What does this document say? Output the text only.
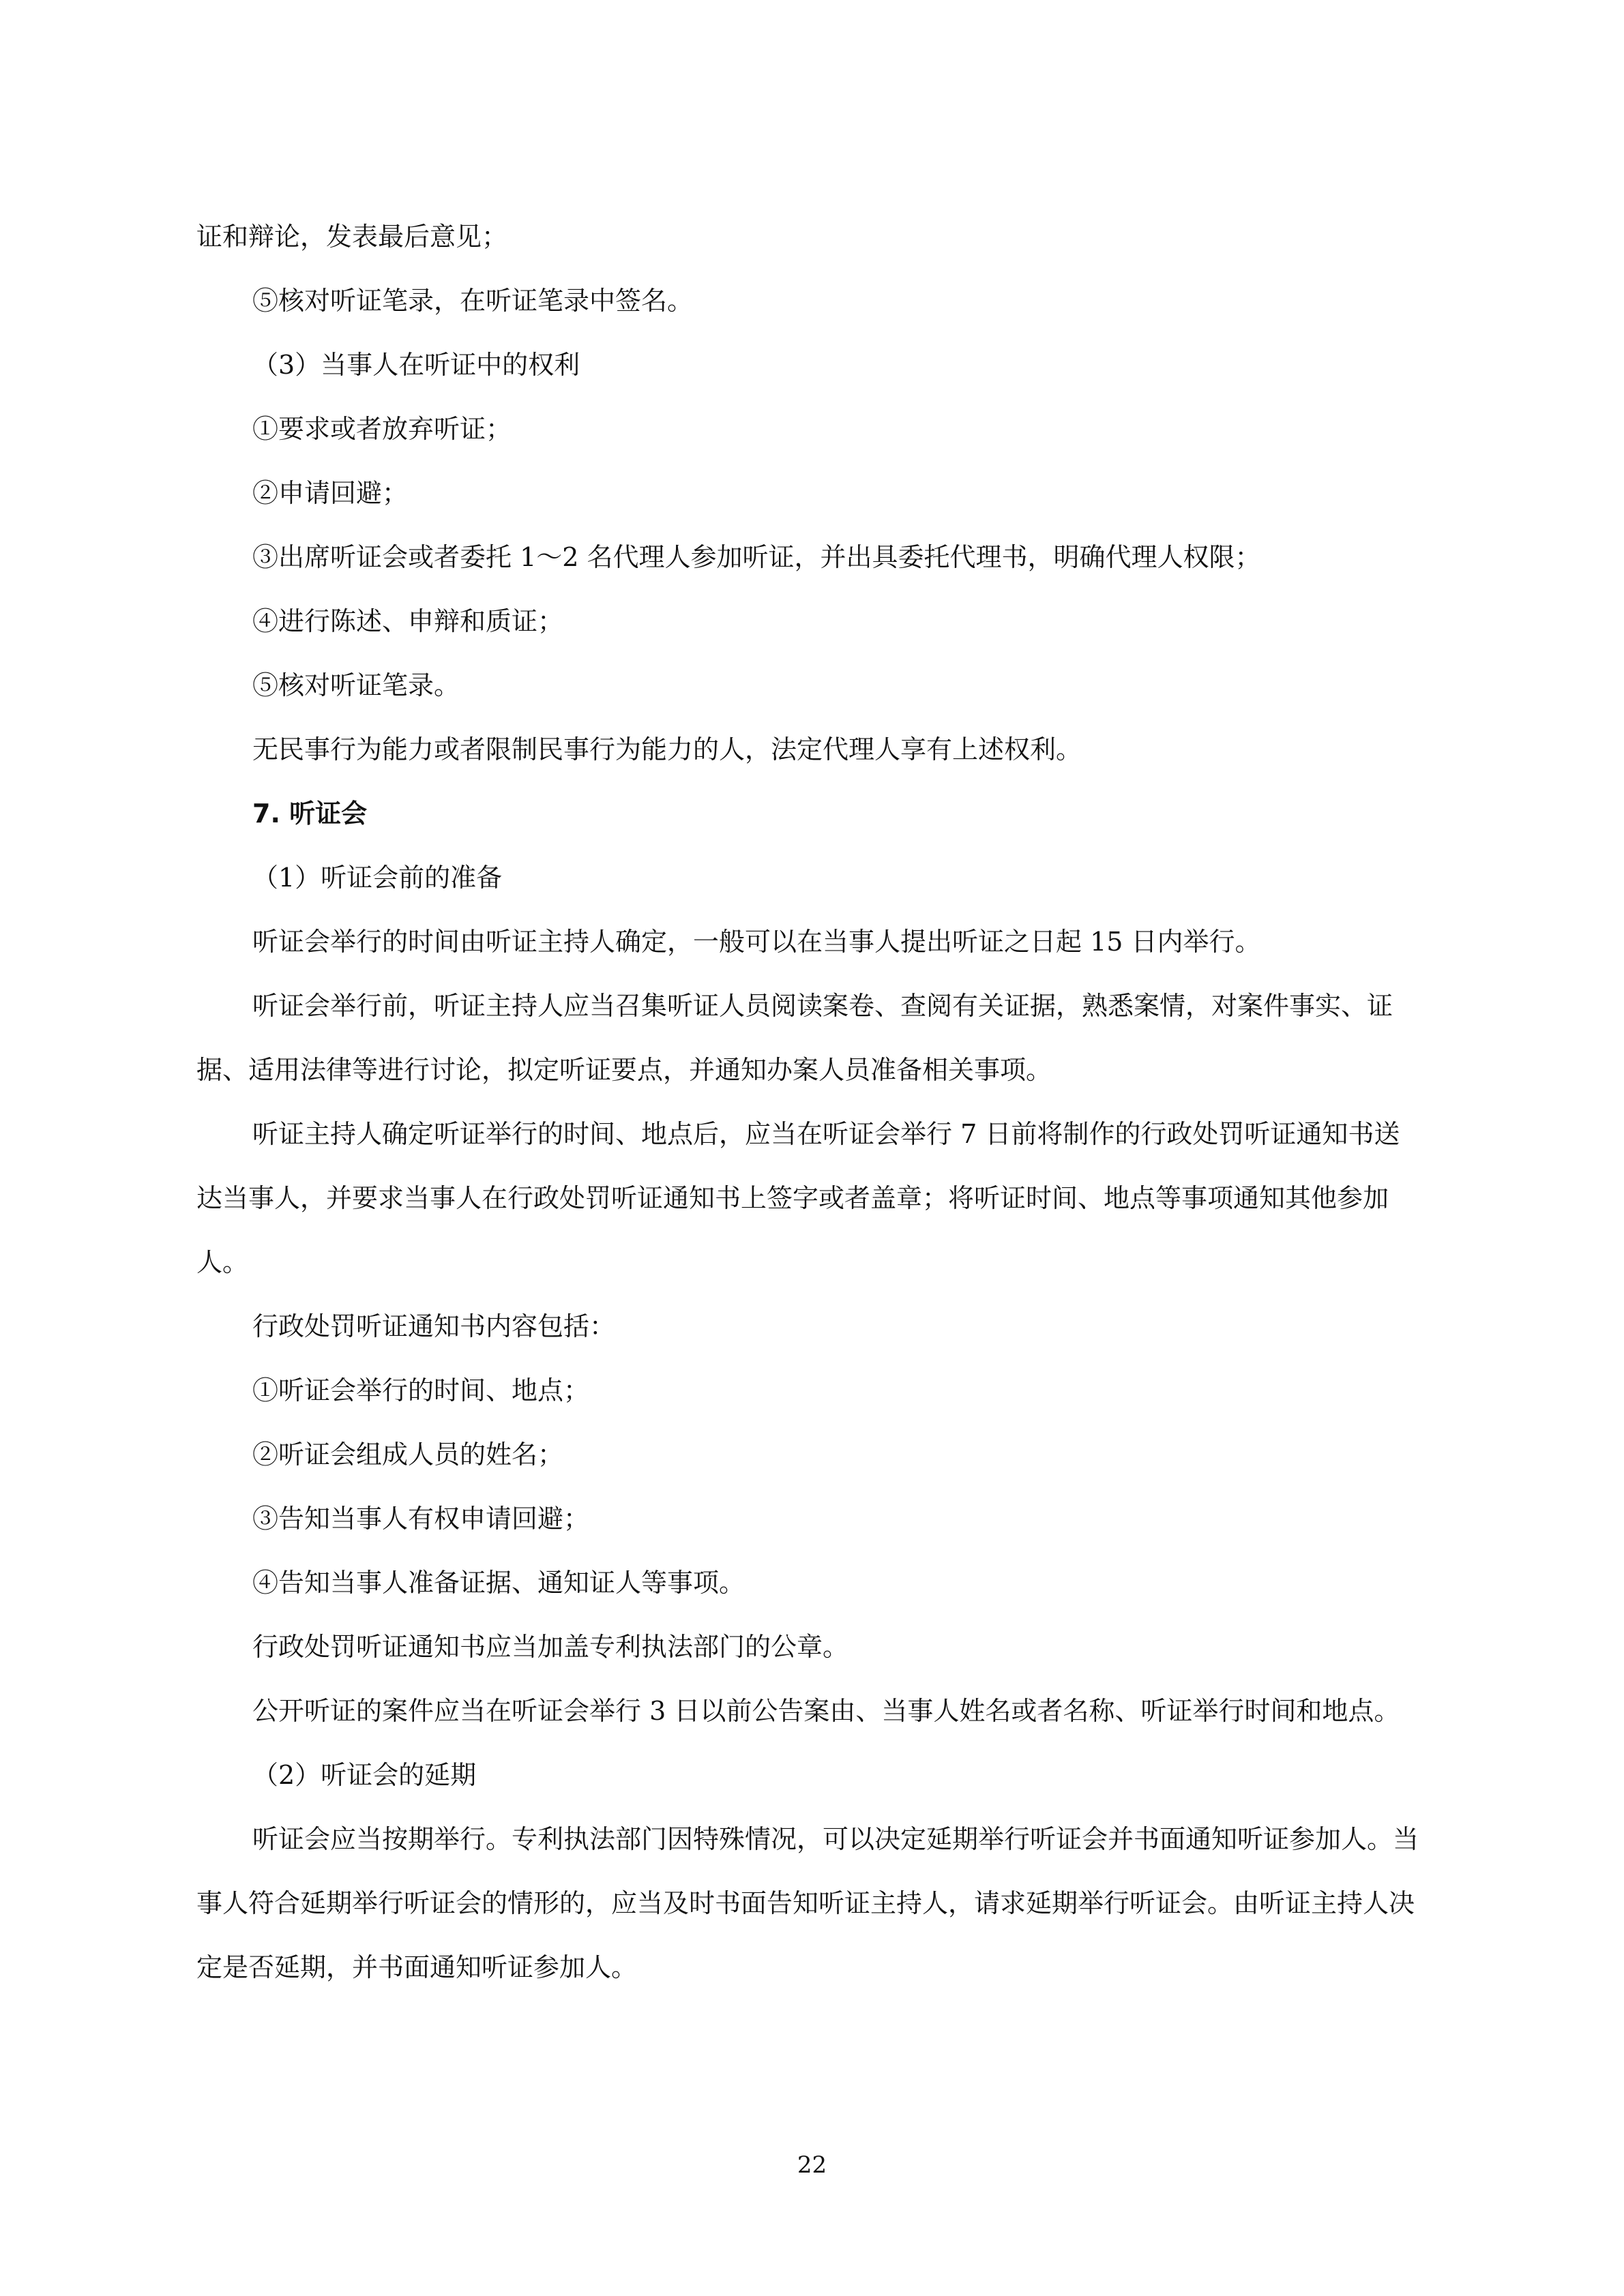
证和辩论，发表最后意见；

⑤核对听证笔录，在听证笔录中签名。

（3）当事人在听证中的权利

①要求或者放弃听证；

②申请回避；

③出席听证会或者委托 1～2 名代理人参加听证，并出具委托代理书，明确代理人权限；

④进行陈述、申辩和质证；

⑤核对听证笔录。

无民事行为能力或者限制民事行为能力的人，法定代理人享有上述权利。

7. 听证会

（1）听证会前的准备

听证会举行的时间由听证主持人确定，一般可以在当事人提出听证之日起 15 日内举行。

听证会举行前，听证主持人应当召集听证人员阅读案卷、查阅有关证据，熟悉案情，对案件事实、证据、适用法律等进行讨论，拟定听证要点，并通知办案人员准备相关事项。

听证主持人确定听证举行的时间、地点后，应当在听证会举行 7 日前将制作的行政处罚听证通知书送达当事人，并要求当事人在行政处罚听证通知书上签字或者盖章；将听证时间、地点等事项通知其他参加人。

行政处罚听证通知书内容包括：

①听证会举行的时间、地点；

②听证会组成人员的姓名；

③告知当事人有权申请回避；

④告知当事人准备证据、通知证人等事项。

行政处罚听证通知书应当加盖专利执法部门的公章。

公开听证的案件应当在听证会举行 3 日以前公告案由、当事人姓名或者名称、听证举行时间和地点。

（2）听证会的延期

听证会应当按期举行。专利执法部门因特殊情况，可以决定延期举行听证会并书面通知听证参加人。当事人符合延期举行听证会的情形的，应当及时书面告知听证主持人，请求延期举行听证会。由听证主持人决定是否延期，并书面通知听证参加人。

22
